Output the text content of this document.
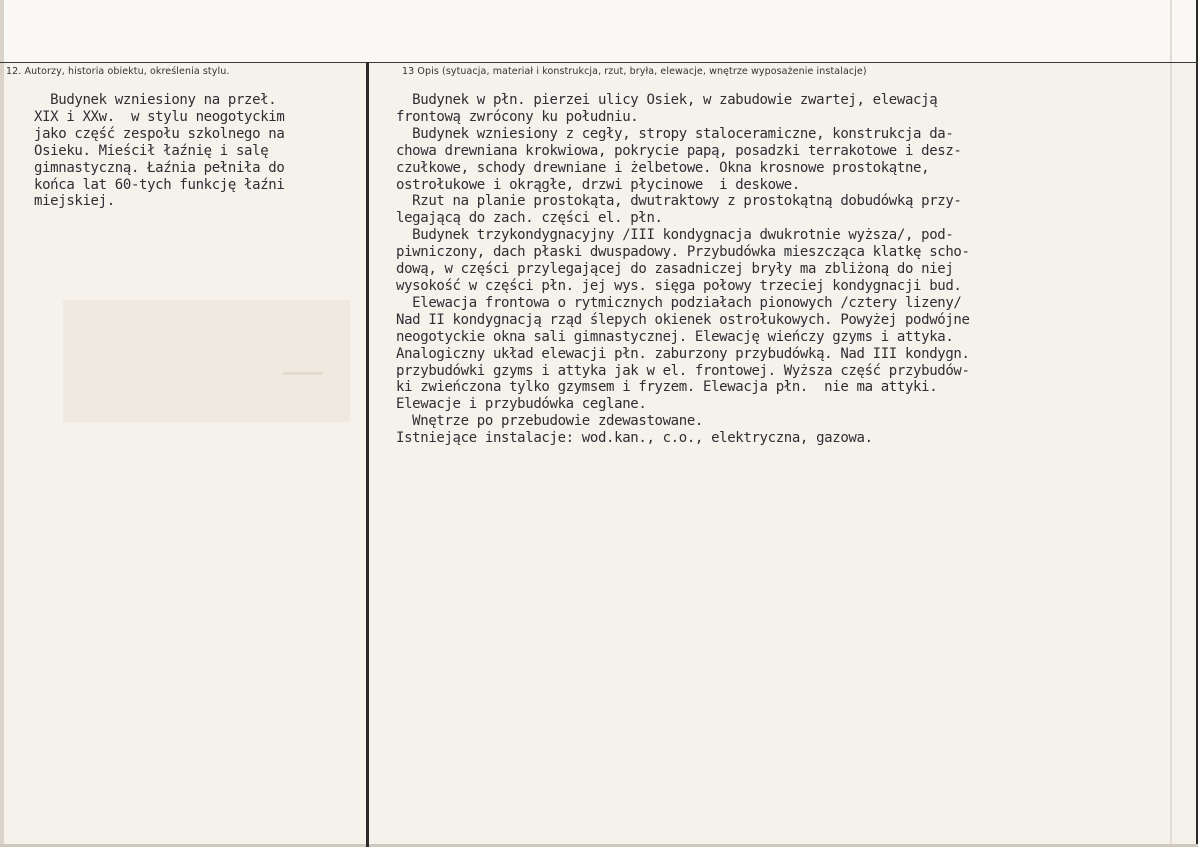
12. Autorzy, historia obiektu, określenia stylu.	13 Opis (sytuacja, materiał i konstrukcja, rzut, bryła, elewacje, wnętrze wyposażenie instalacje)
Budynek wzniesiony na przeł.
XIX i XXw.  w stylu neogotyckim
jako część zespołu szkolnego na
Osieku. Mieścił łaźnię i salę
gimnastyczną. Łaźnia pełniła do
końca lat 60-tych funkcję łaźni
miejskiej.
Budynek w płn. pierzei ulicy Osiek, w zabudowie zwartej, elewacją
frontową zwrócony ku południu.
Budynek wzniesiony z cegły, stropy staloceramiczne, konstrukcja da-
chowa drewniana krokwiowa, pokrycie papą, posadzki terrakotowe i desz-
czułkowe, schody drewniane i żelbetowe. Okna krosnowe prostokątne,
ostrołukowe i okrągłe, drzwi płycinowe  i deskowe.
Rzut na planie prostokąta, dwutraktowy z prostokątną dobudówką przy-
legającą do zach. części el. płn.
Budynek trzykondygnacyjny /III kondygnacja dwukrotnie wyższa/, pod-
piwniczony, dach płaski dwuspadowy. Przybudówka mieszcząca klatkę scho-
dową, w części przylegającej do zasadniczej bryły ma zbliżoną do niej
wysokość w części płn. jej wys. sięga połowy trzeciej kondygnacji bud.
Elewacja frontowa o rytmicznych podziałach pionowych /cztery lizeny/
Nad II kondygnacją rząd ślepych okienek ostrołukowych. Powyżej podwójne
neogotyckie okna sali gimnastycznej. Elewację wieńczy gzyms i attyka.
Analogiczny układ elewacji płn. zaburzony przybudówką. Nad III kondygn.
przybudówki gzyms i attyka jak w el. frontowej. Wyższa część przybudów-
ki zwieńczona tylko gzymsem i fryzem. Elewacja płn.  nie ma attyki.
Elewacje i przybudówka ceglane.
Wnętrze po przebudowie zdewastowane.
Istniejące instalacje: wod.kan., c.o., elektryczna, gazowa.
